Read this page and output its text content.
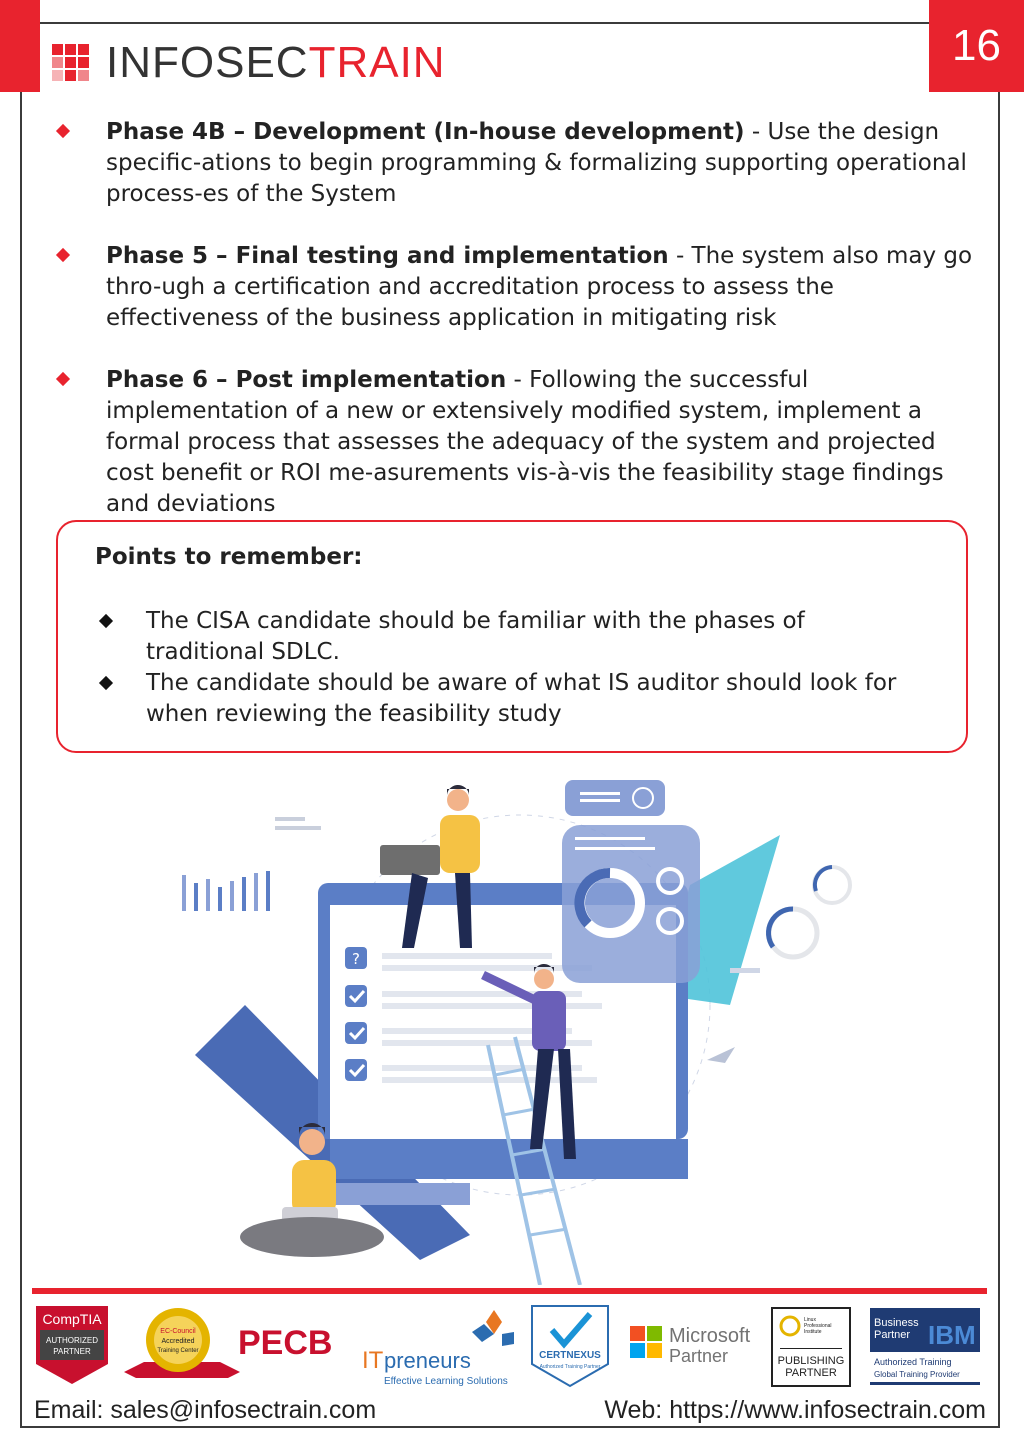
16
INFOSECTRAIN
Phase 4B – Development (In-house development) - Use the design specific-ations to begin programming & formalizing supporting operational process-es of the System
Phase 5 – Final testing and implementation - The system also may go thro-ugh a certification and accreditation process to assess the effectiveness of the business application in mitigating risk
Phase 6 – Post implementation - Following the successful implementation of a new or extensively modified system, implement a formal process that assesses the adequacy of the system and projected cost benefit or ROI me-asurements vis-à-vis the feasibility stage findings and deviations
Points to remember:
The CISA candidate should be familiar with the phases of traditional SDLC.
The candidate should be aware of what IS auditor should look for when reviewing the feasibility study
?
CompTIA
AUTHORIZED
PARTNER
EC-Council
Accredited
Training Center PECB IT preneurs
Effective Learning Solutions
CERTNEXUS
Authorized Training Partner
Microsoft
Partner
Linux
Professional
Institute
PUBLISHING
PARTNER
Business
Partner IBM
Authorized Training
Global Training Provider
Email: sales@infosectrain.com	Web: https://www.infosectrain.com
